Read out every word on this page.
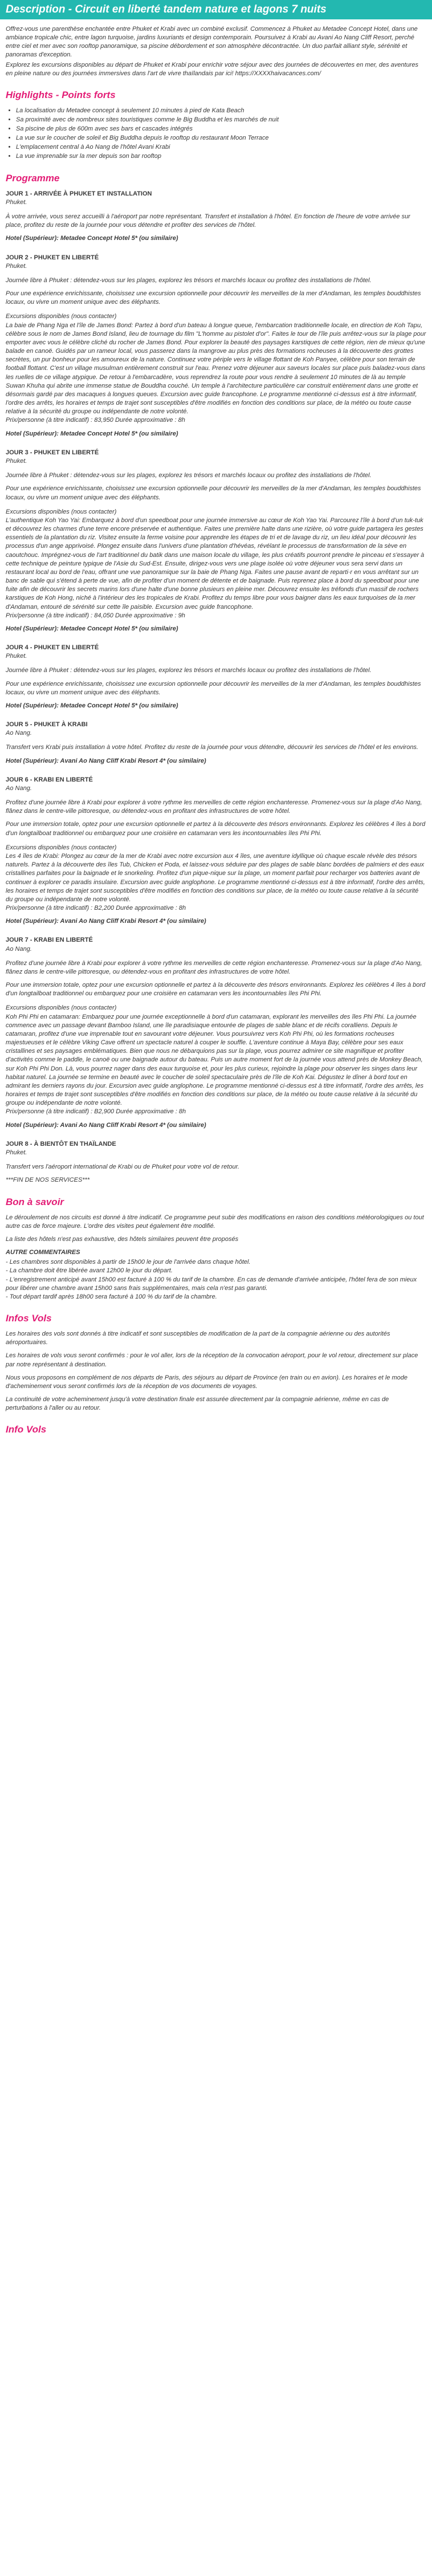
Description - Circuit en liberté tandem nature et lagons 7 nuits

Offrez-vous une parenthèse enchantée entre Phuket et Krabi avec un combiné exclusif. Commencez à Phuket au Metadee Concept Hotel, dans une ambiance tropicale chic, entre lagon turquoise, jardins luxuriants et design contemporain. Poursuivez à Krabi au Avani Ao Nang Cliff Resort, perché entre ciel et mer avec son rooftop panoramique, sa piscine débordement et son atmosphère décontractée. Un duo parfait alliant style, sérénité et panoramas d'exception.

Explorez les excursions disponibles au départ de Phuket et Krabi pour enrichir votre séjour avec des journées de découvertes en mer, des aventures en pleine nature ou des journées immersives dans l'art de vivre thaïlandais par ici! https://XXXXhaivacances.com/

Highlights - Points forts
• La localisation du Metadee concept à seulement 10 minutes à pied de Kata Beach
• Sa proximité avec de nombreux sites touristiques comme le Big Buddha et les marchés de nuit
• Sa piscine de plus de 600m avec ses bars et cascades intégrés
• La vue sur le coucher de soleil et Big Buddha depuis le rooftop du restaurant Moon Terrace
• L'emplacement central à Ao Nang de l'hôtel Avani Krabi
• La vue imprenable sur la mer depuis son bar rooftop
Programme
JOUR 1 - ARRIVÉE À PHUKET ET INSTALLATION
Phuket.

À votre arrivée, vous serez accueilli à l'aéroport par notre représentant. Transfert et installation à l'hôtel. En fonction de l'heure de votre arrivée sur place, profitez du reste de la journée pour vous détendre et profiter des services de l'hôtel.

Hotel (Supérieur): Metadee Concept Hotel 5* (ou similaire)
JOUR 2 - PHUKET EN LIBERTÉ
Phuket.

Journée libre à Phuket : détendez-vous sur les plages, explorez les trésors et marchés locaux ou profitez des installations de l'hôtel.

Pour une expérience enrichissante, choisissez une excursion optionnelle pour découvrir les merveilles de la mer d'Andaman, les temples bouddhistes locaux, ou vivre un moment unique avec des éléphants.

Excursions disponibles (nous contacter)

La baie de Phang Nga et l'île de James Bond: Partez à bord d'un bateau à longue queue, l'embarcation traditionnelle locale, en direction de Koh Tapu, célèbre sous le nom de James Bond Island, lieu de tournage du film "L'homme au pistolet d'or". Faites le tour de l'île puis arrêtez-vous sur la plage pour emporter avec vous le célèbre cliché du rocher de James Bond. Pour explorer la beauté des paysages karstiques de cette région, rien de mieux qu'une balade en canoë. Guidés par un rameur local, vous passerez dans la mangrove au plus près des formations rocheuses à la découverte des grottes secrètes, un pur bonheur pour les amoureux de la nature. Continuez votre périple vers le village flottant de Koh Panyee, célèbre pour son terrain de football flottant. C'est un village musulman entièrement construit sur l'eau. Prenez votre déjeuner aux saveurs locales sur place puis baladez-vous dans les ruelles de ce village atypique. De retour à l'embarcadère, vous reprendrez la route pour vous rendre à seulement 10 minutes de là au temple Suwan Khuha qui abrite une immense statue de Bouddha couché. Un temple à l'architecture particulière car construit entièrement dans une grotte et désormais gardé par des macaques à longues queues. Excursion avec guide francophone. Le programme mentionné ci-dessus est à titre informatif, l'ordre des arrêts, les horaires et temps de trajet sont susceptibles d'être modifiés en fonction des conditions sur place, de la météo ou toute cause relative à la sécurité du groupe ou indépendante de notre volonté.

Prix/personne (à titre indicatif) : 83,950 Durée approximative : 8h

Hotel (Supérieur): Metadee Concept Hotel 5* (ou similaire)
JOUR 3 - PHUKET EN LIBERTÉ
Phuket.

Journée libre à Phuket : détendez-vous sur les plages, explorez les trésors et marchés locaux ou profitez des installations de l'hôtel.

Pour une expérience enrichissante, choisissez une excursion optionnelle pour découvrir les merveilles de la mer d'Andaman, les temples bouddhistes locaux, ou vivre un moment unique avec des éléphants.

Excursions disponibles (nous contacter)

L'authentique Koh Yao Yai: Embarquez à bord d'un speedboat pour une journée immersive au cœur de Koh Yao Yai. Parcourez l'île à bord d'un tuk-tuk et découvrez les charmes d'une terre encore préservée et authentique. Faites une première halte dans une rizière, où votre guide partagera les gestes essentiels de la plantation du riz. Visitez ensuite la ferme voisine pour apprendre les étapes de tri et de lavage du riz, un lieu idéal pour découvrir les processus d'un ange apprivoisé. Plongez ensuite dans l'univers d'une plantation d'hévéas, révélant le processus de transformation de la sève en caoutchouc. Imprégnez-vous de l'art traditionnel du batik dans une maison locale du village, les plus créatifs pourront prendre le pinceau et s'essayer à cette technique de peinture typique de l'Asie du Sud-Est. Ensuite, dirigez-vous vers une plage isolée où votre déjeuner vous sera servi dans un restaurant local au bord de l'eau, offrant une vue panoramique sur la baie de Phang Nga. Faites une pause avant de reparti·r en vous arrêtant sur un banc de sable qui s'étend à perte de vue, afin de profiter d'un moment de détente et de baignade. Puis reprenez place à bord du speedboat pour une fuite afin de découvrir les secrets marins lors d'une halte d'une bonne plusieurs en pleine mer. Découvrez ensuite les tréfonds d'un massif de rochers karstiques de Koh Hong, niché à l'intérieur des les tropicales de Krabi. Profitez du temps libre pour vous baigner dans les eaux turquoises de la mer d'Andaman, entouré de sérénité sur cette île paisible. Excursion avec guide francophone.

Prix/personne (à titre indicatif) : 84,050 Durée approximative : 9h

Hotel (Supérieur): Metadee Concept Hotel 5* (ou similaire)
JOUR 4 - PHUKET EN LIBERTÉ
Phuket.

Journée libre à Phuket : détendez-vous sur les plages, explorez les trésors et marchés locaux ou profitez des installations de l'hôtel.

Pour une expérience enrichissante, choisissez une excursion optionnelle pour découvrir les merveilles de la mer d'Andaman, les temples bouddhistes locaux, ou vivre un moment unique avec des éléphants.

Hotel (Supérieur): Metadee Concept Hotel 5* (ou similaire)
JOUR 5 - PHUKET À KRABI
Ao Nang.

Transfert vers Krabi puis installation à votre hôtel. Profitez du reste de la journée pour vous détendre, découvrir les services de l'hôtel et les environs.

Hotel (Supérieur): Avani Ao Nang Cliff Krabi Resort 4* (ou similaire)
JOUR 6 - KRABI EN LIBERTÉ
Ao Nang.

Profitez d'une journée libre à Krabi pour explorer à votre rythme les merveilles de cette région enchanteresse. Promenez-vous sur la plage d'Ao Nang, flânez dans le centre-ville pittoresque, ou détendez-vous en profitant des infrastructures de votre hôtel.

Pour une immersion totale, optez pour une excursion optionnelle et partez à la découverte des trésors environnants. Explorez les célèbres 4 îles à bord d'un longtailboat traditionnel ou embarquez pour une croisière en catamaran vers les incontournables îles Phi Phi.

Excursions disponibles (nous contacter)

Les 4 îles de Krabi: Plongez au cœur de la mer de Krabi avec notre excursion aux 4 îles, une aventure idyllique où chaque escale révèle des trésors naturels. Partez à la découverte des îles Tub, Chicken et Poda, et laissez-vous séduire par des plages de sable blanc bordées de palmiers et des eaux cristallines parfaites pour la baignade et le snorkeling. Profitez d'un pique-nique sur la plage, un moment parfait pour recharger vos batteries avant de continuer à explorer ce paradis insulaire. Excursion avec guide anglophone. Le programme mentionné ci-dessus est à titre informatif, l'ordre des arrêts, les horaires et temps de trajet sont susceptibles d'être modifiés en fonction des conditions sur place, de la météo ou toute cause relative à la sécurité du groupe ou indépendante de notre volonté.

Prix/personne (à titre indicatif) : B2,200 Durée approximative : 8h

Hotel (Supérieur): Avani Ao Nang Cliff Krabi Resort 4* (ou similaire)
JOUR 7 - KRABI EN LIBERTÉ
Ao Nang.

Profitez d'une journée libre à Krabi pour explorer à votre rythme les merveilles de cette région enchanteresse. Promenez-vous sur la plage d'Ao Nang, flânez dans le centre-ville pittoresque, ou détendez-vous en profitant des infrastructures de votre hôtel.

Pour une immersion totale, optez pour une excursion optionnelle et partez à la découverte des trésors environnants. Explorez les célèbres 4 îles à bord d'un longtailboat traditionnel ou embarquez pour une croisière en catamaran vers les incontournables îles Phi Phi.

Excursions disponibles (nous contacter)

Koh Phi Phi en catamaran: Embarquez pour une journée exceptionnelle à bord d'un catamaran, explorant les merveilles des îles Phi Phi. La journée commence avec un passage devant Bamboo Island, une île paradisiaque entourée de plages de sable blanc et de récifs coralliens. Depuis le catamaran, profitez d'une vue imprenable tout en savourant votre déjeuner. Vous poursuivrez vers Koh Phi Phi, où les formations rocheuses majestueuses et le célèbre Viking Cave offrent un spectacle naturel à couper le souffle. L'aventure continue à Maya Bay, célèbre pour ses eaux cristallines et ses paysages emblématiques. Bien que nous ne débarquions pas sur la plage, vous pourrez admirer ce site magnifique et profiter d'activités comme le paddle, le canoë ou une baignade autour du bateau. Puis un autre moment fort de la journée vous attend près de Monkey Beach, sur Koh Phi Phi Don. Là, vous pourrez nager dans des eaux turquoise et, pour les plus curieux, rejoindre la plage pour observer les singes dans leur habitat naturel. La journée se termine en beauté avec le coucher de soleil spectaculaire près de l'île de Koh Kai. Dégustez le dîner à bord tout en admirant les derniers rayons du jour. Excursion avec guide anglophone. Le programme mentionné ci-dessus est à titre informatif, l'ordre des arrêts, les horaires et temps de trajet sont susceptibles d'être modifiés en fonction des conditions sur place, de la météo ou toute cause relative à la sécurité du groupe ou indépendante de notre volonté.

Prix/personne (à titre indicatif) : B2,900 Durée approximative : 8h

Hotel (Supérieur): Avani Ao Nang Cliff Krabi Resort 4* (ou similaire)
JOUR 8 - À BIENTÔT EN THAÏLANDE
Phuket.

Transfert vers l'aéroport international de Krabi ou de Phuket pour votre vol de retour.

***FIN DE NOS SERVICES***

Bon à savoir

Le déroulement de nos circuits est donné à titre indicatif. Ce programme peut subir des modifications en raison des conditions météorologiques ou tout autre cas de force majeure. L'ordre des visites peut également être modifié.

La liste des hôtels n'est pas exhaustive, des hôtels similaires peuvent être proposés

AUTRE COMMENTAIRES
- Les chambres sont disponibles à partir de 15h00 le jour de l'arrivée dans chaque hôtel.
- La chambre doit être libérée avant 12h00 le jour du départ.
- L'enregistrement anticipé avant 15h00 est facturé à 100 % du tarif de la chambre. En cas de demande d'arrivée anticipée, l'hôtel fera de son mieux pour libérer une chambre avant 15h00 sans frais supplémentaires, mais cela n'est pas garanti.
- Tout départ tardif après 18h00 sera facturé à 100 % du tarif de la chambre.
Infos Vols

Les horaires des vols sont donnés à titre indicatif et sont susceptibles de modification de la part de la compagnie aérienne ou des autorités aéroportuaires.

Les horaires de vols vous seront confirmés : pour le vol aller, lors de la réception de la convocation aéroport, pour le vol retour, directement sur place par notre représentant à destination.

Nous vous proposons en complément de nos départs de Paris, des séjours au départ de Province (en train ou en avion). Les horaires et le mode d'acheminement vous seront confirmés lors de la réception de vos documents de voyages.

La continuité de votre acheminement jusqu'à votre destination finale est assurée directement par la compagnie aérienne, même en cas de perturbations à l'aller ou au retour.

Info Vols
